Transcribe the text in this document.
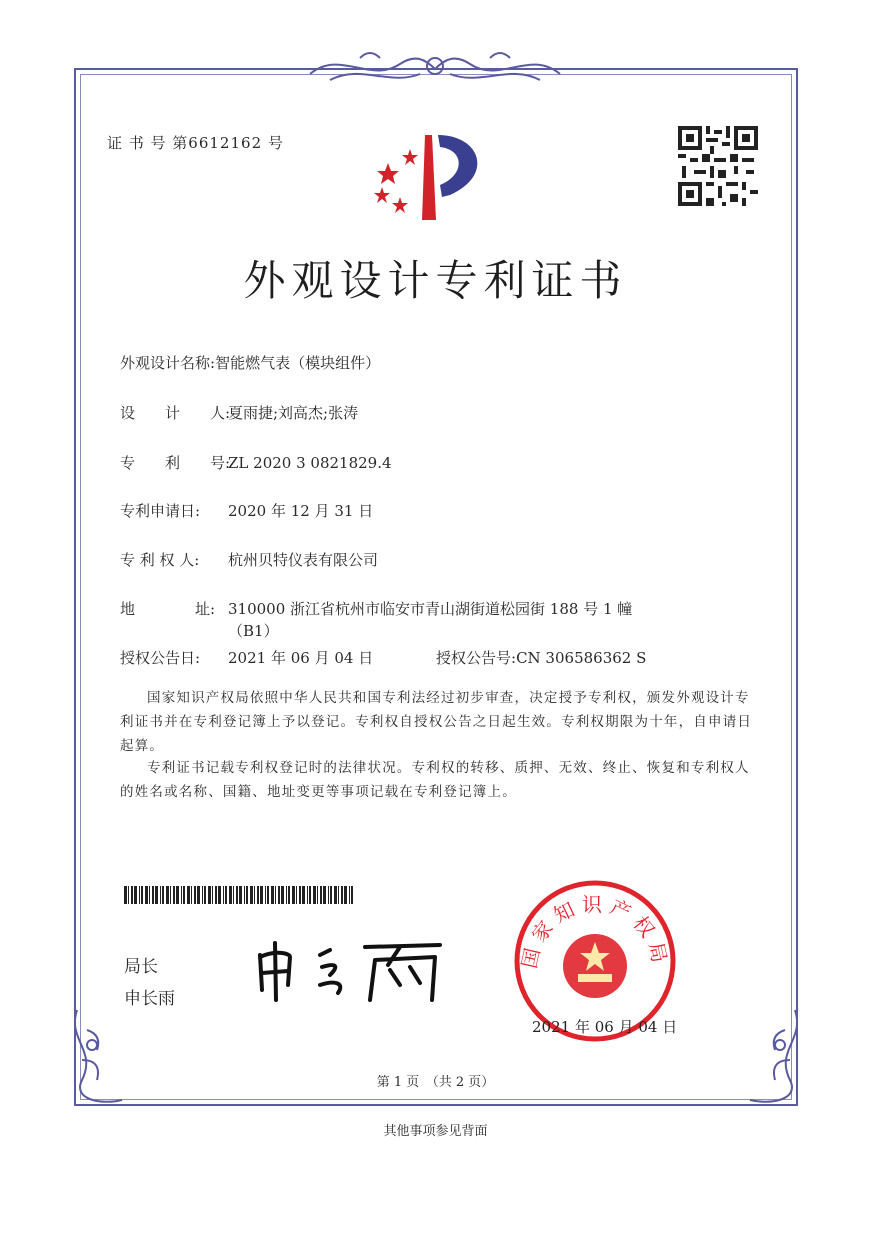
证 书 号 第6612162 号
外观设计专利证书
外观设计名称:智能燃气表（模块组件）
设　　计　　人:夏雨捷;刘高杰;张涛
专　　利　　号:ZL 2020 3 0821829.4
专利申请日: 2020 年 12 月 31 日
专 利 权 人: 杭州贝特仪表有限公司
地　　　　址: 310000 浙江省杭州市临安市青山湖街道松园街 188 号 1 幢
（B1）
授权公告日: 2021 年 06 月 04 日	授权公告号:CN 306586362 S
国家知识产权局依照中华人民共和国专利法经过初步审查，决定授予专利权，颁发外观设计专利证书并在专利登记簿上予以登记。专利权自授权公告之日起生效。专利权期限为十年，自申请日起算。
专利证书记载专利权登记时的法律状况。专利权的转移、质押、无效、终止、恢复和专利权人的姓名或名称、国籍、地址变更等事项记载在专利登记簿上。
局长
申长雨
国家知识产权局
2021 年 06 月 04 日
第 1 页　（共 2 页）
其他事项参见背面
